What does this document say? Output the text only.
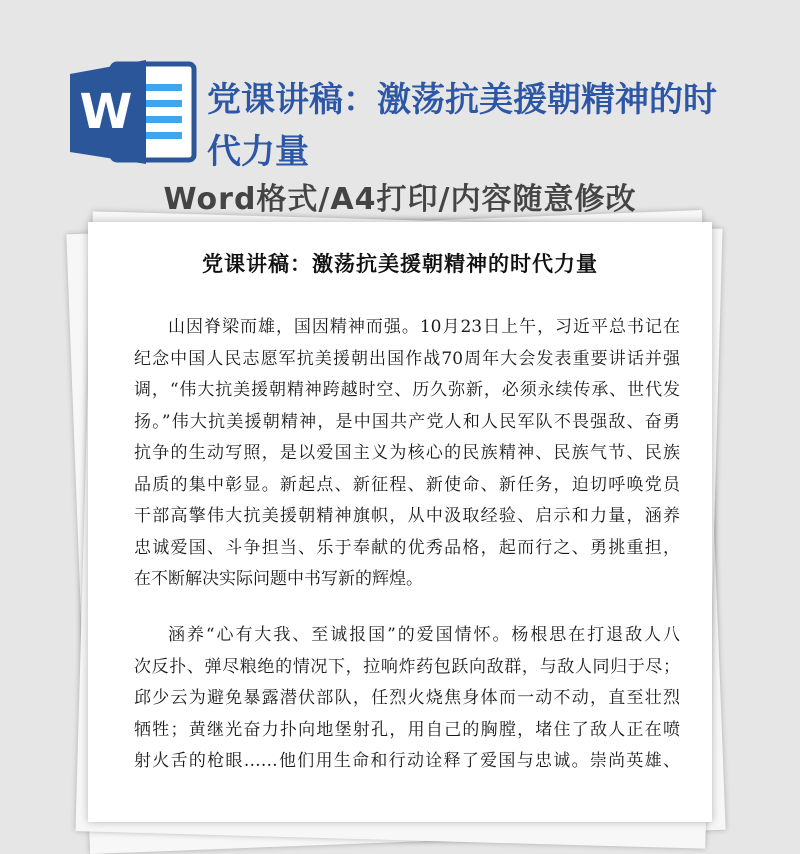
W 党课讲稿：激荡抗美援朝精神的时
代力量
Word格式/A4打印/内容随意修改
党课讲稿：激荡抗美援朝精神的时代力量
山因脊梁而雄，国因精神而强。10月23日上午，习近平总书记在
纪念中国人民志愿军抗美援朝出国作战70周年大会发表重要讲话并强
调，“伟大抗美援朝精神跨越时空、历久弥新，必须永续传承、世代发
扬。”伟大抗美援朝精神，是中国共产党人和人民军队不畏强敌、奋勇
抗争的生动写照，是以爱国主义为核心的民族精神、民族气节、民族
品质的集中彰显。新起点、新征程、新使命、新任务，迫切呼唤党员
干部高擎伟大抗美援朝精神旗帜，从中汲取经验、启示和力量，涵养
忠诚爱国、斗争担当、乐于奉献的优秀品格，起而行之、勇挑重担，
在不断解决实际问题中书写新的辉煌。
涵养“心有大我、至诚报国”的爱国情怀。杨根思在打退敌人八
次反扑、弹尽粮绝的情况下，拉响炸药包跃向敌群，与敌人同归于尽；
邱少云为避免暴露潜伏部队，任烈火烧焦身体而一动不动，直至壮烈
牺牲；黄继光奋力扑向地堡射孔，用自己的胸膛，堵住了敌人正在喷
射火舌的枪眼……他们用生命和行动诠释了爱国与忠诚。崇尚英雄、
